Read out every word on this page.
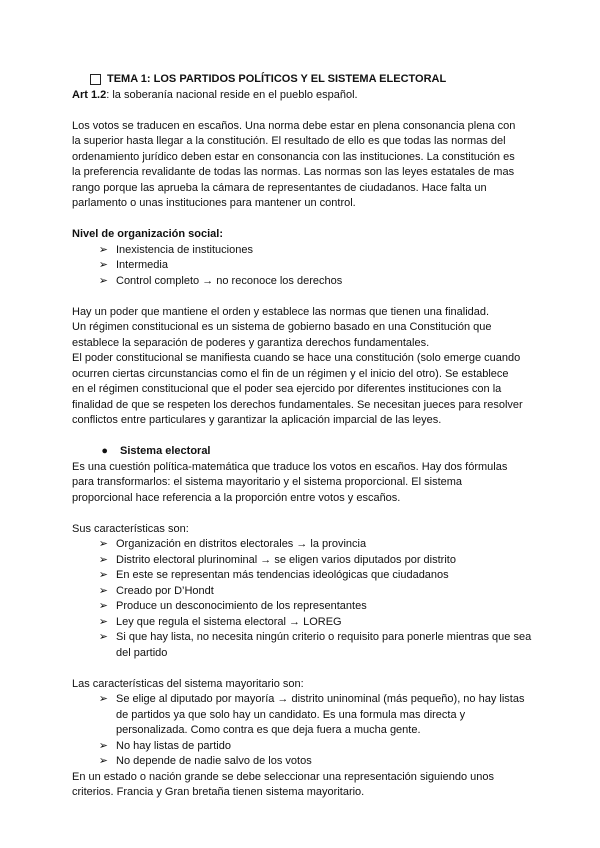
TEMA 1: LOS PARTIDOS POLÍTICOS Y EL SISTEMA ELECTORAL
Art 1.2: la soberanía nacional reside en el pueblo español.
Los votos se traducen en escaños. Una norma debe estar en plena consonancia plena con
la superior hasta llegar a la constitución. El resultado de ello es que todas las normas del
ordenamiento jurídico deben estar en consonancia con las instituciones. La constitución es
la preferencia revalidante de todas las normas. Las normas son las leyes estatales de mas
rango porque las aprueba la cámara de representantes de ciudadanos. Hace falta un
parlamento o unas instituciones para mantener un control.
Nivel de organización social:
➢ Inexistencia de instituciones
➢ Intermedia
➢ Control completo → no reconoce los derechos
Hay un poder que mantiene el orden y establece las normas que tienen una finalidad.
Un régimen constitucional es un sistema de gobierno basado en una Constitución que
establece la separación de poderes y garantiza derechos fundamentales.
El poder constitucional se manifiesta cuando se hace una constitución (solo emerge cuando
ocurren ciertas circunstancias como el fin de un régimen y el inicio del otro). Se establece
en el régimen constitucional que el poder sea ejercido por diferentes instituciones con la
finalidad de que se respeten los derechos fundamentales. Se necesitan jueces para resolver
conflictos entre particulares y garantizar la aplicación imparcial de las leyes.
●	Sistema electoral
Es una cuestión política-matemática que traduce los votos en escaños. Hay dos fórmulas
para transformarlos: el sistema mayoritario y el sistema proporcional. El sistema
proporcional hace referencia a la proporción entre votos y escaños.
Sus características son:
➢ Organización en distritos electorales → la provincia
➢ Distrito electoral plurinominal → se eligen varios diputados por distrito
➢ En este se representan más tendencias ideológicas que ciudadanos
➢ Creado por D’Hondt
➢ Produce un desconocimiento de los representantes
➢ Ley que regula el sistema electoral → LOREG
➢ Si que hay lista, no necesita ningún criterio o requisito para ponerle mientras que sea
del partido
Las características del sistema mayoritario son:
➢ Se elige al diputado por mayoría → distrito uninominal (más pequeño), no hay listas
de partidos ya que solo hay un candidato. Es una formula mas directa y
personalizada. Como contra es que deja fuera a mucha gente.
➢ No hay listas de partido
➢ No depende de nadie salvo de los votos
En un estado o nación grande se debe seleccionar una representación siguiendo unos
criterios. Francia y Gran bretaña tienen sistema mayoritario.
